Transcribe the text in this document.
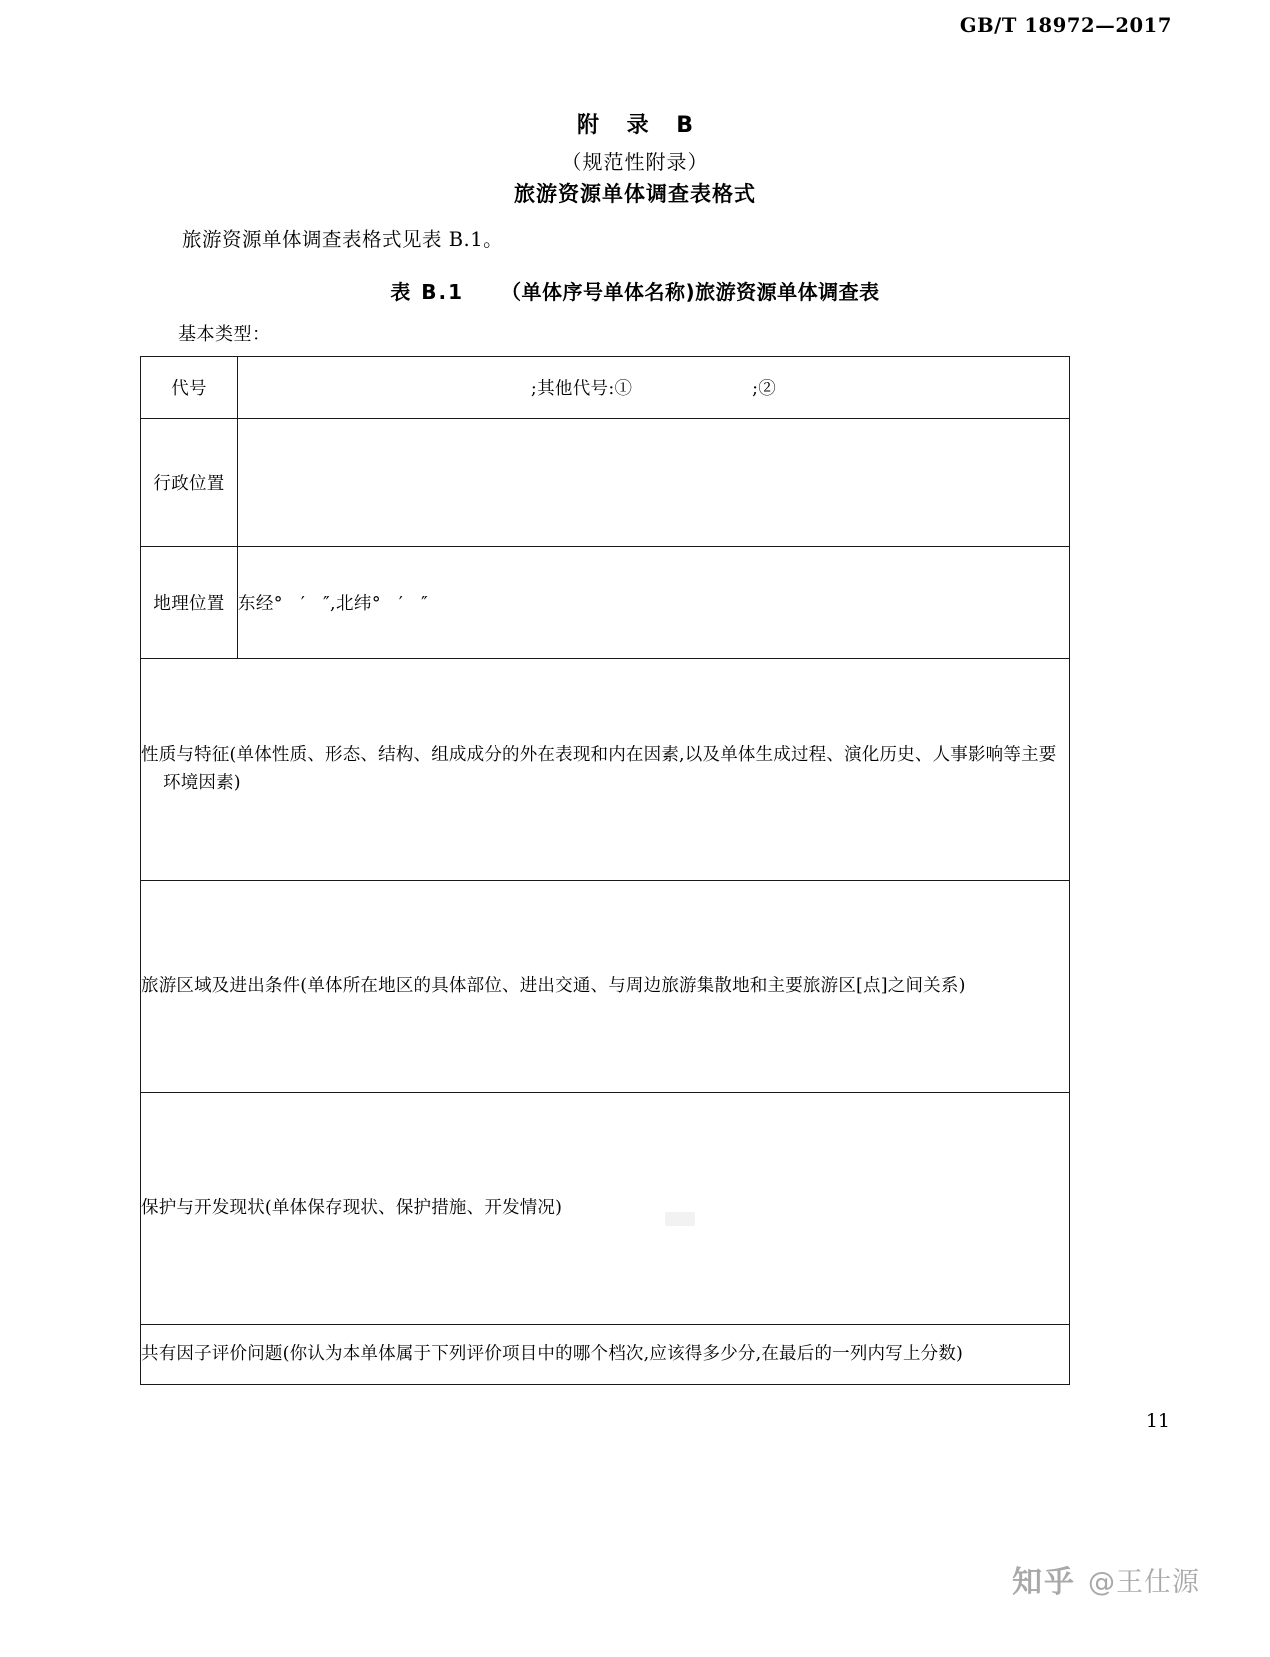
GB/T 18972—2017
附 录 B
（规范性附录）
旅游资源单体调查表格式
旅游资源单体调查表格式见表 B.1。
表 B.1 （单体序号单体名称)旅游资源单体调查表
基本类型：
代号	;其他代号:① ;②

行政位置	

地理位置	东经°　′　″,北纬°　′　″

性质与特征(单体性质、形态、结构、组成成分的外在表现和内在因素,以及单体生成过程、演化历史、人事影响等主要
环境因素)	

旅游区域及进出条件(单体所在地区的具体部位、进出交通、与周边旅游集散地和主要旅游区[点]之间关系)	

保护与开发现状(单体保存现状、保护措施、开发情况)	

共有因子评价问题(你认为本单体属于下列评价项目中的哪个档次,应该得多少分,在最后的一列内写上分数)	
11
知乎 @王仕源
